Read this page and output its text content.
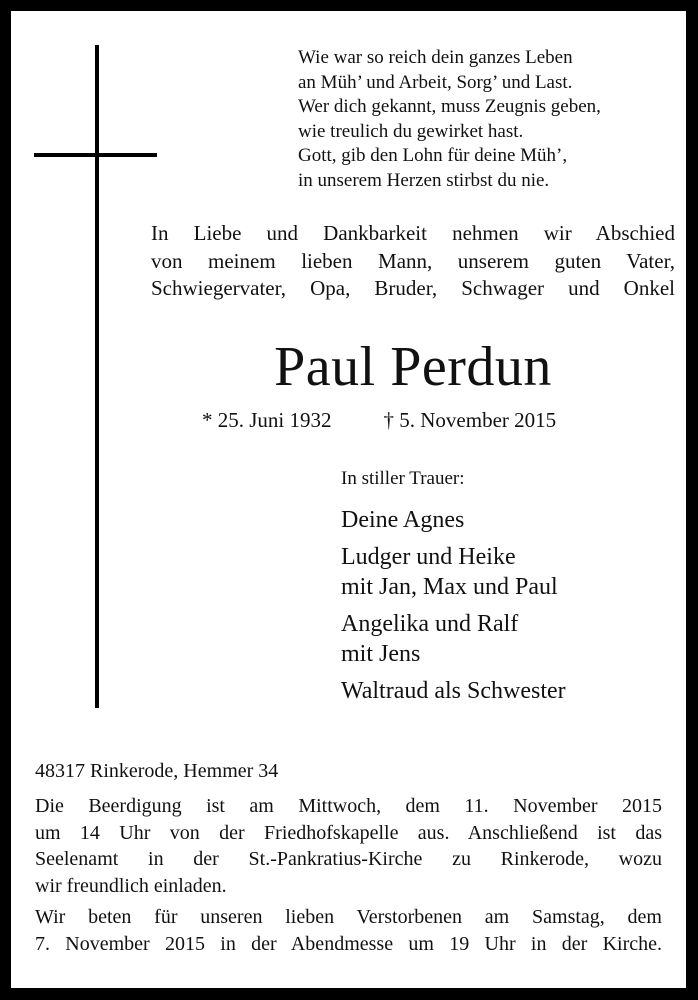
Wie war so reich dein ganzes Leben
an Müh’ und Arbeit, Sorg’ und Last.
Wer dich gekannt, muss Zeugnis geben,
wie treulich du gewirket hast.
Gott, gib den Lohn für deine Müh’,
in unserem Herzen stirbst du nie.
In Liebe und Dankbarkeit nehmen wir Abschied
von meinem lieben Mann, unserem guten Vater,
Schwiegervater, Opa, Bruder, Schwager und Onkel
Paul Perdun
* 25. Juni 1932 † 5. November 2015
In stiller Trauer:
Deine Agnes
Ludger und Heike
mit Jan, Max und Paul
Angelika und Ralf
mit Jens
Waltraud als Schwester
48317 Rinkerode, Hemmer 34
Die Beerdigung ist am Mittwoch, dem 11. November 2015
um 14 Uhr von der Friedhofskapelle aus. Anschließend ist das
Seelenamt in der St.-Pankratius-Kirche zu Rinkerode, wozu
wir freundlich einladen.
Wir beten für unseren lieben Verstorbenen am Samstag, dem
7. November 2015 in der Abendmesse um 19 Uhr in der Kirche.
